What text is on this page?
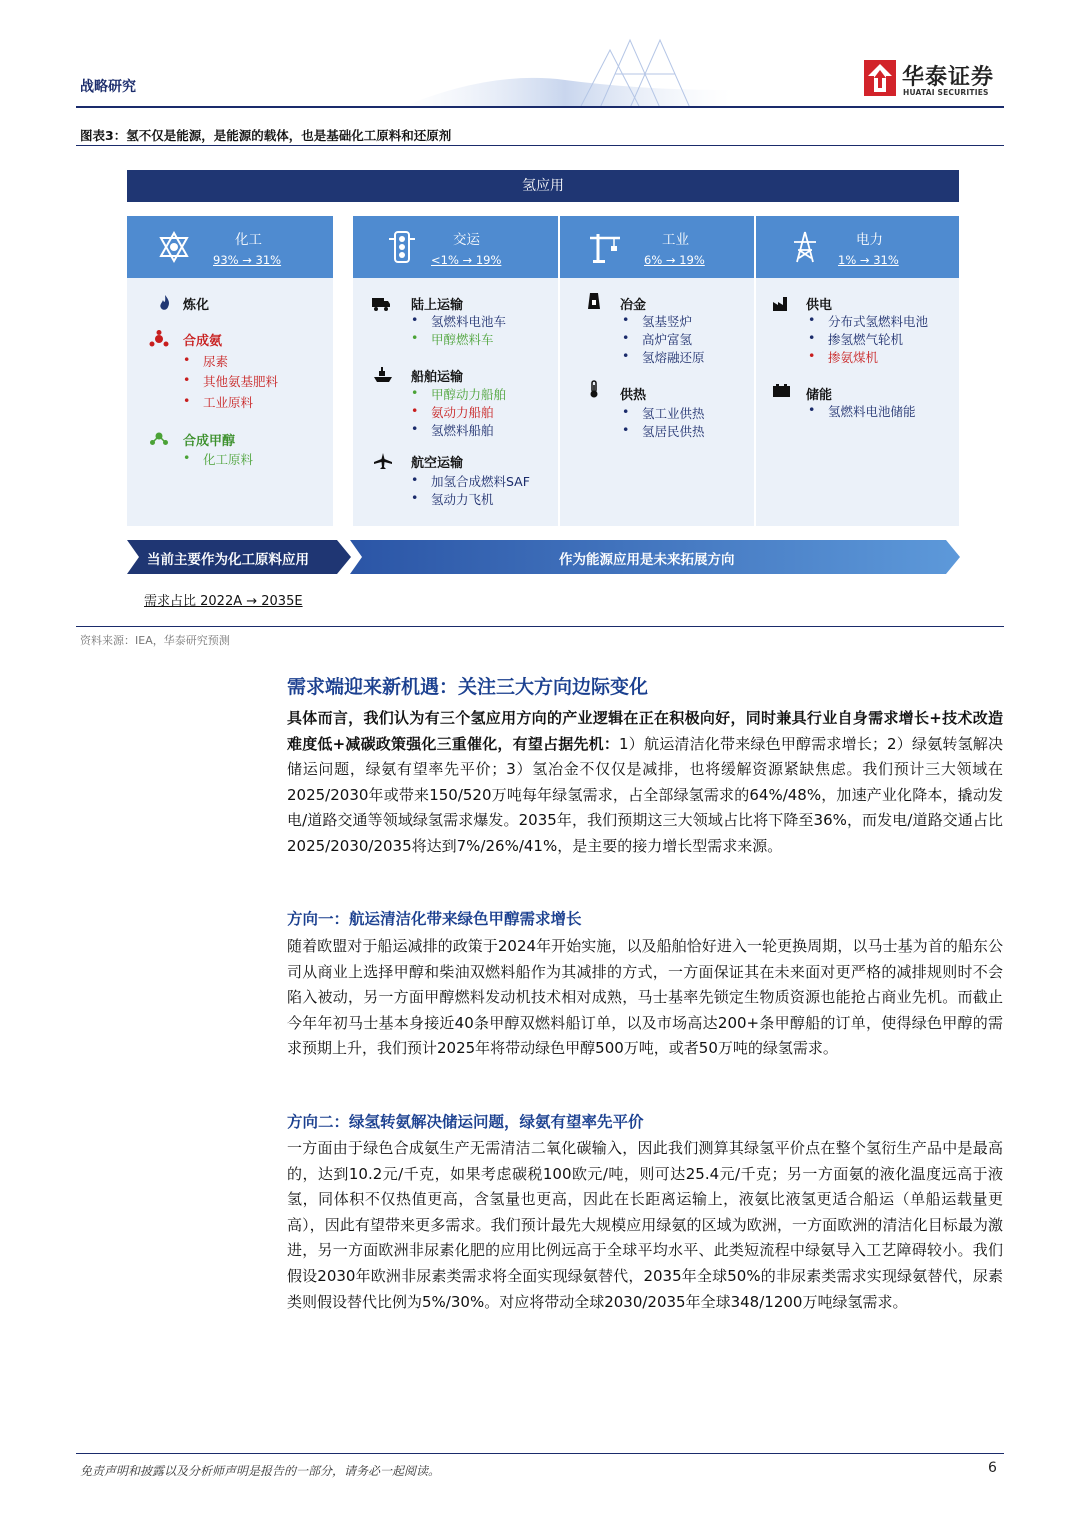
战略研究	华泰证券
HUATAI SECURITIES
图表3：氢不仅是能源，是能源的载体，也是基础化工原料和还原剂
氢应用
化工
93% → 31%
炼化
合成氨
• 尿素
• 其他氨基肥料
• 工业原料
合成甲醇
• 化工原料
交运
<1% → 19%
陆上运输
• 氢燃料电池车
• 甲醇燃料车
船舶运输
• 甲醇动力船舶
• 氨动力船舶
• 氢燃料船舶
航空运输
• 加氢合成燃料SAF
• 氢动力飞机
工业
6% → 19%
冶金
• 氢基竖炉
• 高炉富氢
• 氢熔融还原
供热
• 氢工业供热
• 氢居民供热
电力
1% → 31%
供电
• 分布式氢燃料电池
• 掺氢燃气轮机
• 掺氨煤机
储能
• 氢燃料电池储能
当前主要作为化工原料应用	作为能源应用是未来拓展方向
需求占比 2022A → 2035E
资料来源：IEA，华泰研究预测
需求端迎来新机遇：关注三大方向边际变化
具体而言，我们认为有三个氢应用方向的产业逻辑在正在积极向好，同时兼具行业自身需求增长+技术改造难度低+减碳政策强化三重催化，有望占据先机：1）航运清洁化带来绿色甲醇需求增长；2）绿氨转氢解决储运问题，绿氨有望率先平价；3）氢冶金不仅仅是减排，也将缓解资源紧缺焦虑。我们预计三大领域在2025/2030年或带来150/520万吨每年绿氢需求，占全部绿氢需求的64%/48%，加速产业化降本，撬动发电/道路交通等领域绿氢需求爆发。2035年，我们预期这三大领域占比将下降至36%，而发电/道路交通占比2025/2030/2035将达到7%/26%/41%，是主要的接力增长型需求来源。
方向一：航运清洁化带来绿色甲醇需求增长
随着欧盟对于船运减排的政策于2024年开始实施，以及船舶恰好进入一轮更换周期，以马士基为首的船东公司从商业上选择甲醇和柴油双燃料船作为其减排的方式，一方面保证其在未来面对更严格的减排规则时不会陷入被动，另一方面甲醇燃料发动机技术相对成熟，马士基率先锁定生物质资源也能抢占商业先机。而截止今年年初马士基本身接近40条甲醇双燃料船订单，以及市场高达200+条甲醇船的订单，使得绿色甲醇的需求预期上升，我们预计2025年将带动绿色甲醇500万吨，或者50万吨的绿氢需求。
方向二：绿氢转氨解决储运问题，绿氨有望率先平价
一方面由于绿色合成氨生产无需清洁二氧化碳输入，因此我们测算其绿氢平价点在整个氢衍生产品中是最高的，达到10.2元/千克，如果考虑碳税100欧元/吨，则可达25.4元/千克；另一方面氨的液化温度远高于液氢，同体积不仅热值更高，含氢量也更高，因此在长距离运输上，液氨比液氢更适合船运（单船运载量更高），因此有望带来更多需求。我们预计最先大规模应用绿氨的区域为欧洲，一方面欧洲的清洁化目标最为激进，另一方面欧洲非尿素化肥的应用比例远高于全球平均水平、此类短流程中绿氨导入工艺障碍较小。我们假设2030年欧洲非尿素类需求将全面实现绿氨替代，2035年全球50%的非尿素类需求实现绿氨替代，尿素类则假设替代比例为5%/30%。对应将带动全球2030/2035年全球348/1200万吨绿氢需求。
免责声明和披露以及分析师声明是报告的一部分，请务必一起阅读。	6
